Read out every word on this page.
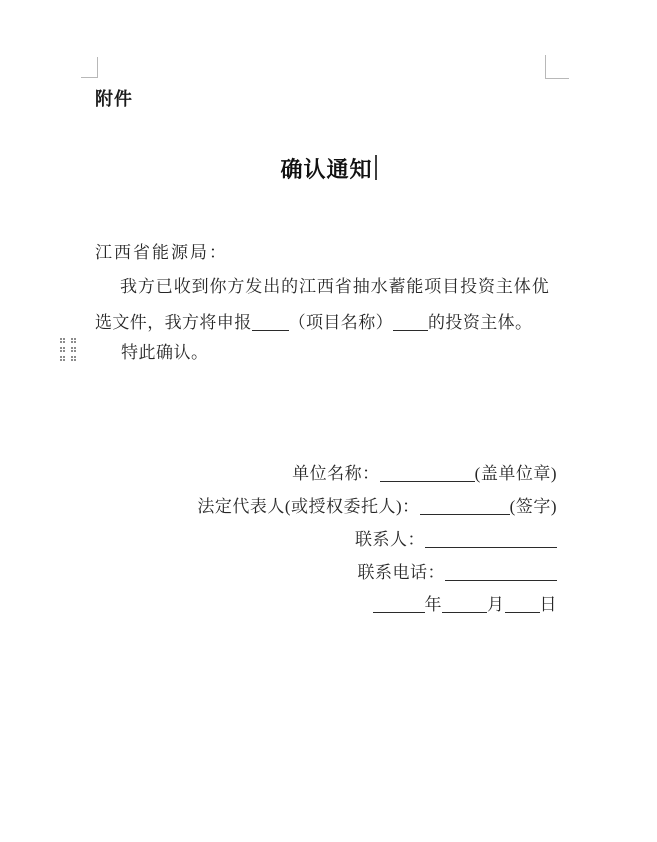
附件
确认通知
江西省能源局：
我方已收到你方发出的江西省抽水蓄能项目投资主体优
选文件，我方将申报 （项目名称） 的投资主体。
特此确认。
单位名称：	(盖单位章)
法定代表人(或授权委托人)：	(签字)
联系人：
联系电话：
年	月 日
